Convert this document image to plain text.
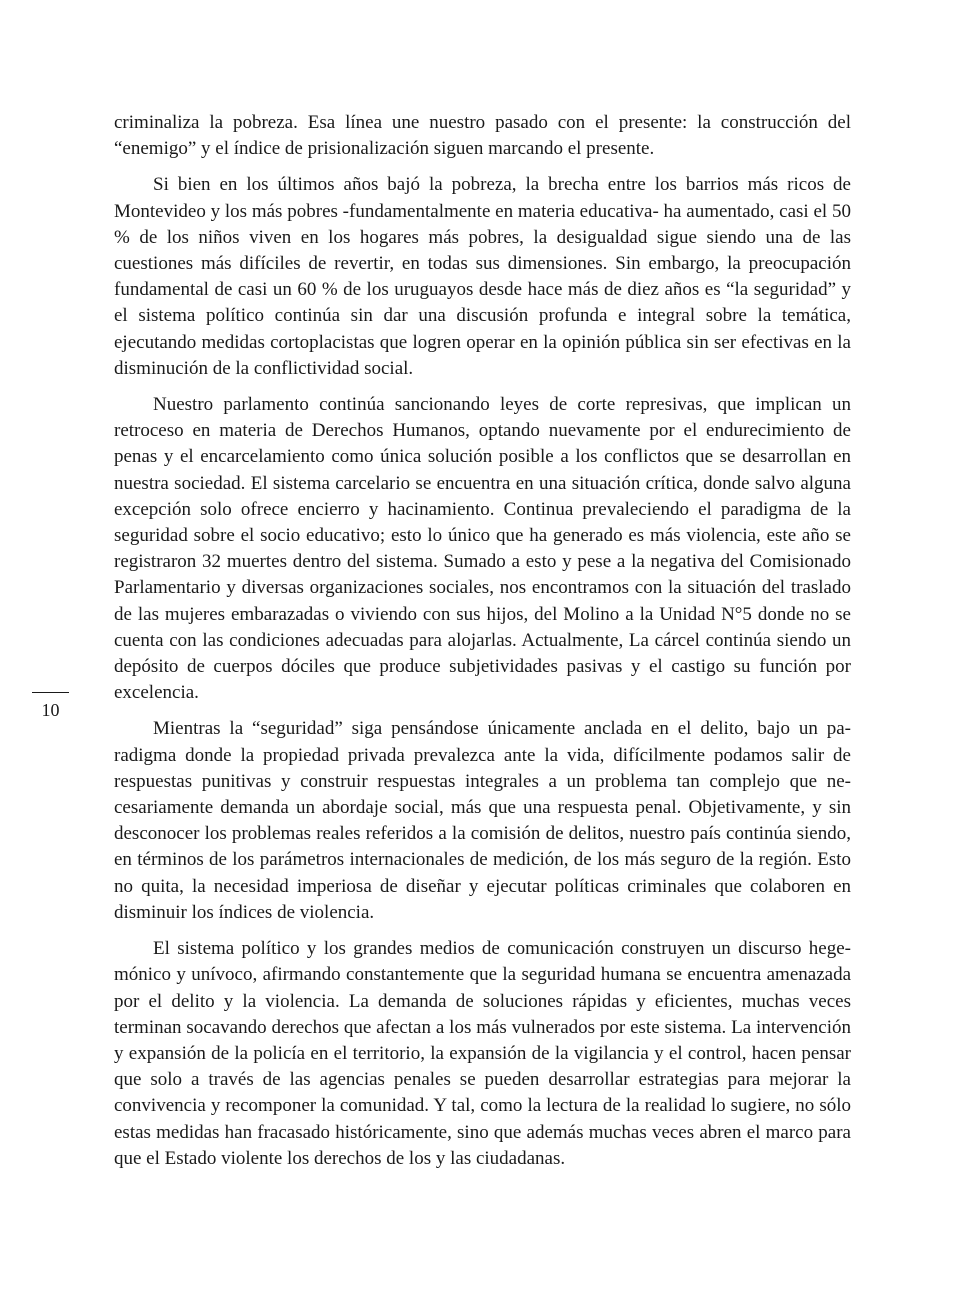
criminaliza la pobreza. Esa línea une nuestro pasado con el presente: la construcción del “enemigo” y el índice de prisionalización siguen marcando el presente.

Si bien en los últimos años bajó la pobreza, la brecha entre los barrios más ricos de Montevideo y los más pobres -fundamentalmente en materia educativa- ha aumentado, casi el 50 % de los niños viven en los hogares más pobres, la desigualdad sigue siendo una de las cuestiones más difíciles de revertir, en todas sus dimensiones. Sin embargo, la preocupación fundamental de casi un 60 % de los uruguayos desde hace más de diez años es “la seguridad” y el sistema político continúa sin dar una discusión profunda e integral sobre la temática, ejecutando medidas cortoplacistas que logren operar en la opinión pública sin ser efectivas en la disminución de la conflictividad social.

Nuestro parlamento continúa sancionando leyes de corte represivas, que implican un retroceso en materia de Derechos Humanos, optando nuevamente por el endurecimiento de penas y el encarcelamiento como única solución posible a los conflictos que se desarrollan en nuestra sociedad. El sistema carcelario se encuentra en una situación crítica, donde salvo alguna excepción solo ofrece encierro y hacinamiento. Continua prevaleciendo el paradigma de la seguridad sobre el socio educativo; esto lo único que ha generado es más violencia, este año se registraron 32 muertes dentro del sistema. Sumado a esto y pese a la negativa del Comisionado Parlamentario y diversas organizaciones sociales, nos encontramos con la situación del traslado de las mujeres embarazadas o viviendo con sus hijos, del Molino a la Unidad N°5 donde no se cuenta con las condiciones adecuadas para alojarlas. Actualmente, La cárcel continúa siendo un depósito de cuerpos dóciles que produce subjetividades pasivas y el castigo su función por excelencia.

Mientras la “seguridad” siga pensándose únicamente anclada en el delito, bajo un paradigma donde la propiedad privada prevalezca ante la vida, difícilmente podamos salir de respuestas punitivas y construir respuestas integrales a un problema tan complejo que necesariamente demanda un abordaje social, más que una respuesta penal. Objetivamente, y sin desconocer los problemas reales referidos a la comisión de delitos, nuestro país continúa siendo, en términos de los parámetros internacionales de medición, de los más seguro de la región. Esto no quita, la necesidad imperiosa de diseñar y ejecutar políticas criminales que colaboren en disminuir los índices de violencia.

El sistema político y los grandes medios de comunicación construyen un discurso hegemónico y unívoco, afirmando constantemente que la seguridad humana se encuentra amenazada por el delito y la violencia. La demanda de soluciones rápidas y eficientes, muchas veces terminan socavando derechos que afectan a los más vulnerados por este sistema. La intervención y expansión de la policía en el territorio, la expansión de la vigilancia y el control, hacen pensar que solo a través de las agencias penales se pueden desarrollar estrategias para mejorar la convivencia y recomponer la comunidad. Y tal, como la lectura de la realidad lo sugiere, no sólo estas medidas han fracasado históricamente, sino que además muchas veces abren el marco para que el Estado violente los derechos de los y las ciudadanas.

10
